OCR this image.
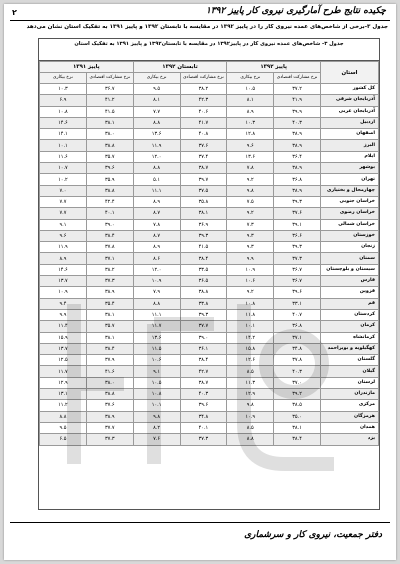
۲	چکیده نتایج طرح آمارگیری نیروی کار پاییز ۱۳۹۲
جدول ۳-برخی از شاخص‌های عمده نیروی کار را در پاییز ۱۳۹۲ در مقایسه با تابستان ۱۳۹۲ و پاییز ۱۳۹۱ به تفکیک استان نشان می‌دهد
جدول ۳- شاخص‌های عمده نیروی کار در پاییز۱۳۹۲ در مقایسه با تابستان۱۳۹۲ و پاییز ۱۳۹۱ به تفکیک استان
استان	پاییز ۱۳۹۲		تابستان ۱۳۹۲		پاییز ۱۳۹۱	
	نرخ مشارکت اقتصادی	نرخ بیکاری	نرخ مشارکت اقتصادی	نرخ بیکاری	نرخ مشارکت اقتصادی	نرخ بیکاری
کل کشور	۳۷.۲	۱۰.۵	۳۸.۲	۹.۵	۳۶.۷	۱۰.۳
آذربایجان شرقی	۴۱.۹	۸.۱	۴۲.۳	۸.۱	۴۱.۲	۶.۹
آذربایجان غربی	۳۹.۹	۸.۹	۴۰.۶	۷.۷	۴۱.۵	۱۰.۸
اردبیل	۴۰.۳	۱۰.۳	۴۱.۷	۸.۸	۳۸.۱	۱۴.۶
اصفهان	۳۸.۹	۱۲.۸	۴۰.۸	۱۳.۶	۳۸.۰	۱۴.۱
البرز	۳۸.۹	۹.۶	۳۷.۶	۱۱.۹	۳۸.۸	۱۰.۱
ایلام	۳۶.۴	۱۳.۶	۳۷.۴	۱۲.۰	۳۵.۷	۱۱.۶
بوشهر	۳۸.۹	۷.۸	۳۸.۷	۸.۸	۳۹.۶	۱۰.۷
تهران	۳۶.۸	۹.۲	۳۹.۷	۵.۱	۳۵.۹	۱۰.۲
چهارمحال و بختیاری	۳۸.۹	۹.۸	۳۷.۵	۱۱.۱	۳۸.۸	۷.۰
خراسان جنوبی	۳۹.۳	۷.۵	۳۵.۸	۸.۹	۴۲.۴	۷.۷
خراسان رضوی	۳۷.۶	۹.۲	۳۸.۱	۸.۷	۴۰.۱	۷.۷
خراسان شمالی	۳۹.۱	۷.۳	۳۶.۹	۷.۸	۳۹.۰	۹.۱
خوزستان	۳۶.۶	۹.۳	۳۹.۳	۸.۷	۳۸.۴	۹.۶
زنجان	۳۹.۳	۹.۳	۴۱.۵	۸.۹	۳۷.۸	۱۱.۹
سمنان	۳۷.۳	۹.۹	۳۸.۴	۸.۶	۳۷.۱	۸.۹
سیستان و بلوچستان	۳۶.۷	۱۰.۹	۳۳.۵	۱۲.۰	۳۸.۲	۱۴.۶
فارس	۳۶.۷	۱۰.۶	۳۶.۵	۱۰.۹	۳۷.۳	۱۳.۷
قزوین	۳۹.۶	۹.۲	۳۸.۸	۷.۹	۳۸.۹	۱۰.۹
قم	۳۳.۱	۱۰.۸	۳۳.۸	۸.۸	۳۵.۴	۹.۴
کردستان	۴۰.۷	۱۱.۸	۳۹.۳	۱۱.۱	۳۸.۱	۹.۹
کرمان	۳۶.۸	۱۰.۱	۳۷.۷	۱۱.۷	۳۵.۷	۱۱.۴
کرمانشاه	۳۷.۱	۱۴.۲	۳۹.۰	۱۳.۶	۳۸.۱	۱۵.۹
کهگیلویه و بویراحمد	۳۴.۸	۱۵.۸	۳۶.۱	۱۱.۵	۳۸.۴	۱۳.۷
گلستان	۳۷.۸	۱۲.۶	۳۸.۴	۱۰.۶	۳۷.۹	۱۲.۵
گیلان	۴۰.۳	۸.۵	۴۲.۷	۹.۱	۴۱.۶	۱۱.۷
لرستان	۳۷.۰	۱۱.۳	۳۸.۷	۱۰.۵	۳۸.۰	۱۲.۹
مازندران	۳۹.۲	۱۲.۹	۴۰.۳	۱۰.۸	۳۸.۸	۱۳.۱
مرکزی	۳۸.۵	۹.۸	۳۹.۶	۱۰.۱	۳۷.۶	۱۱.۲
هرمزگان	۳۵.۰	۱۰.۹	۳۴.۸	۹.۸	۳۸.۹	۸.۸
همدان	۳۸.۱	۸.۵	۴۰.۱	۸.۲	۳۷.۷	۹.۵
یزد	۳۸.۴	۸.۸	۳۷.۳	۷.۶	۳۷.۳	۶.۵
دفتر جمعیت، نیروی کار و سرشماری
